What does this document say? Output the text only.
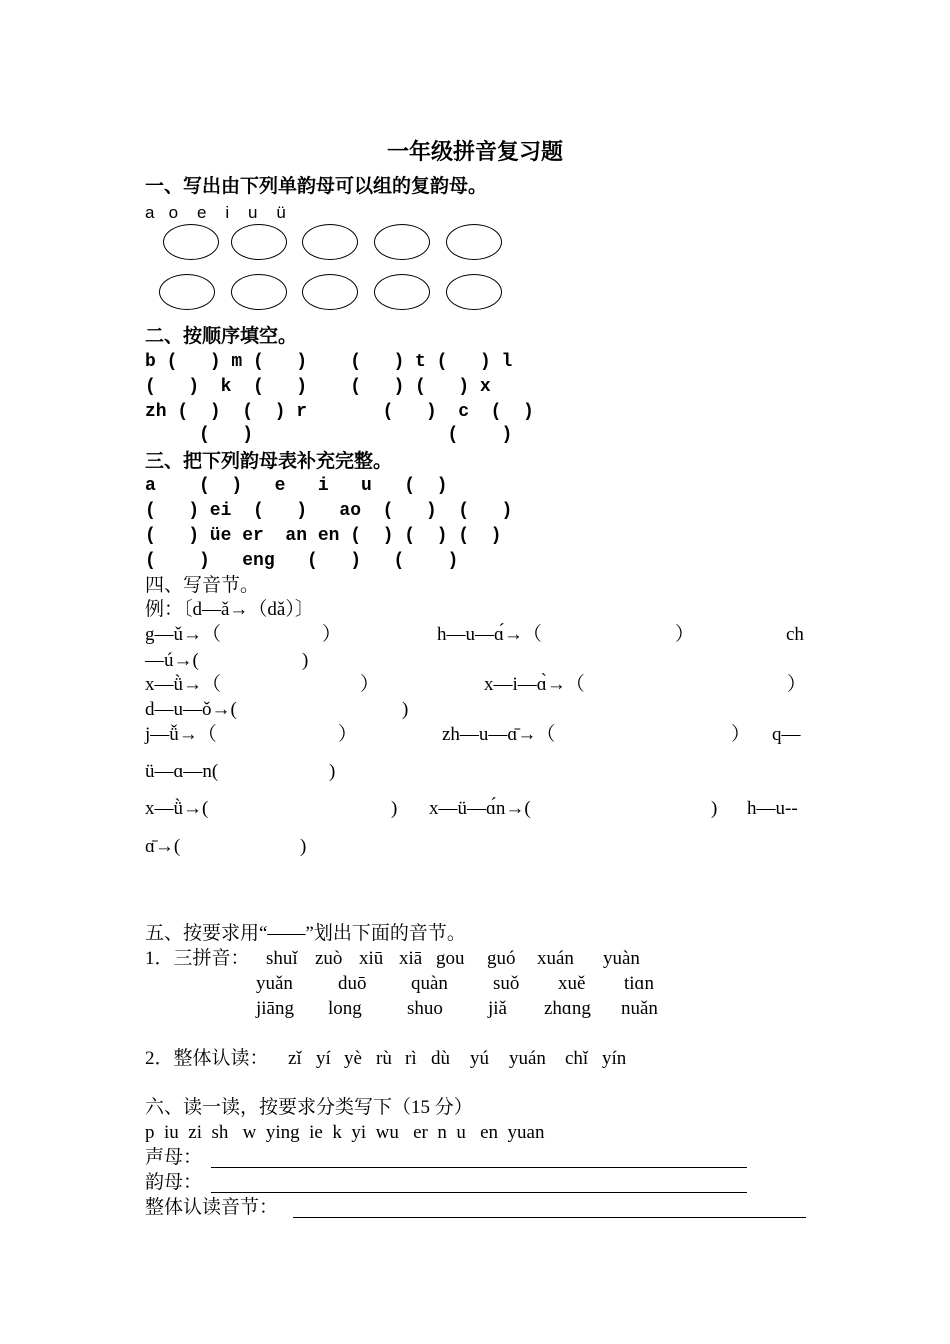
一年级拼音复习题
一、写出由下列单韵母可以组的复韵母。
a   o    e    i    u    ü
二、按顺序填空。
b (   ) m (   )    (   ) t (   ) l
(   )  k  (   )    (   ) (   ) x
zh (  )  (  ) r       (   )  c  (  )
(   )                  (    )
三、把下列韵母表补充完整。
a    (  )   e   i   u   (  )
(   ) ei  (   )   ao  (   )  (   )
(   ) üe er  an en (  ) (  ) (  )
(    )   eng   (   )   (    )
四、写音节。
例：〔d—ǎ→（dǎ）〕
g—ǔ→（	）	h—u—ɑ́→（	）	ch
—ú→(	)
x—ǜ→（	）	x—i—ɑ̀→（	）
d—u—ǒ→(	)
j—ǚ→（	）	zh—u—ɑ̄→（	） q—
ü—ɑ—n(	)
x—ǜ→(	) x—ü—ɑ́n→(	) h—u--
ɑ̄→(	)
五、按要求用“——”划出下面的音节。
1．三拼音： shuǐ zuò xiū xiā gou guó xuán yuàn
yuǎn duō quàn suǒ xuě tiɑn
jiāng long shuo jiǎ zhɑng nuǎn
2．整体认读： zǐ yí yè rù rì dù yú yuán chǐ yín
六、读一读，按要求分类写下（15 分）
p  iu  zi  sh   w  ying  ie  k  yi  wu   er  n  u   en  yuan
声母：
韵母：
整体认读音节：
